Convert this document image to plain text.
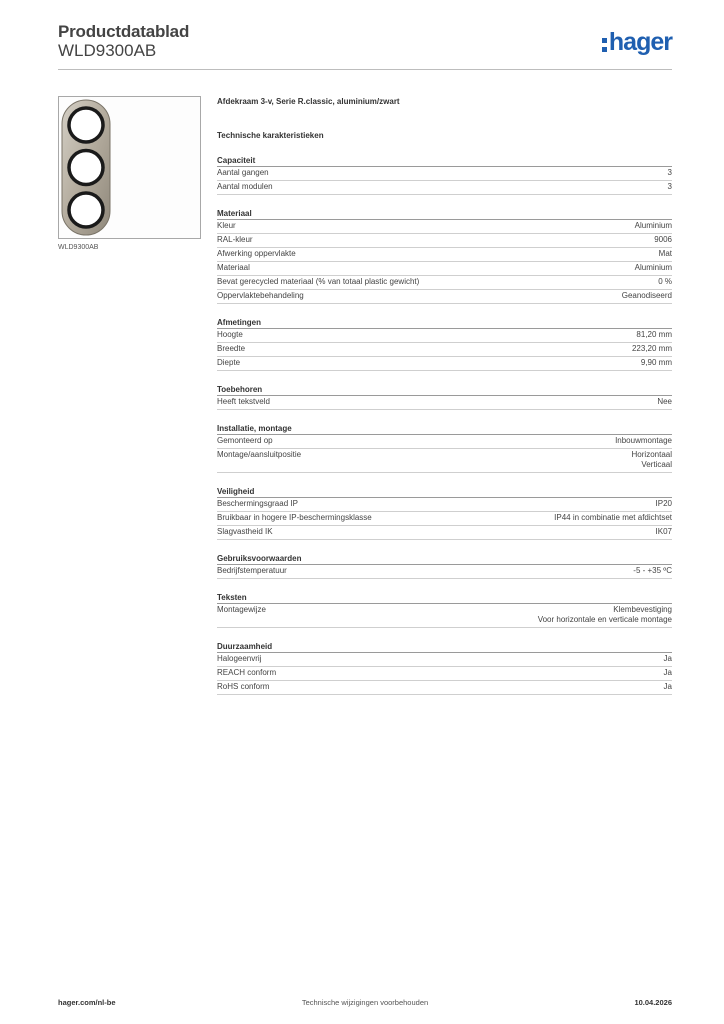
Productdatablad
WLD9300AB	hager
WLD9300AB
Afdekraam 3-v, Serie R.classic, aluminium/zwart
Technische karakteristieken
Capaciteit
Aantal gangen	3
Aantal modulen	3
Materiaal
Kleur	Aluminium
RAL-kleur	9006
Afwerking oppervlakte	Mat
Materiaal	Aluminium
Bevat gerecycled materiaal (% van totaal plastic gewicht)	0 %
Oppervlaktebehandeling	Geanodiseerd
Afmetingen
Hoogte	81,20 mm
Breedte	223,20 mm
Diepte	9,90 mm
Toebehoren
Heeft tekstveld	Nee
Installatie, montage
Gemonteerd op	Inbouwmontage
Montage/aansluitpositie	Horizontaal
Verticaal
Veiligheid
Beschermingsgraad IP	IP20
Bruikbaar in hogere IP-beschermingsklasse	IP44 in combinatie met afdichtset
Slagvastheid IK	IK07
Gebruiksvoorwaarden
Bedrijfstemperatuur	-5 - +35 ºC
Teksten
Montagewijze	Klembevestiging
Voor horizontale en verticale montage
Duurzaamheid
Halogeenvrij	Ja
REACH conform	Ja
RoHS conform	Ja
hager.com/nl-be	Technische wijzigingen voorbehouden	10.04.2026
